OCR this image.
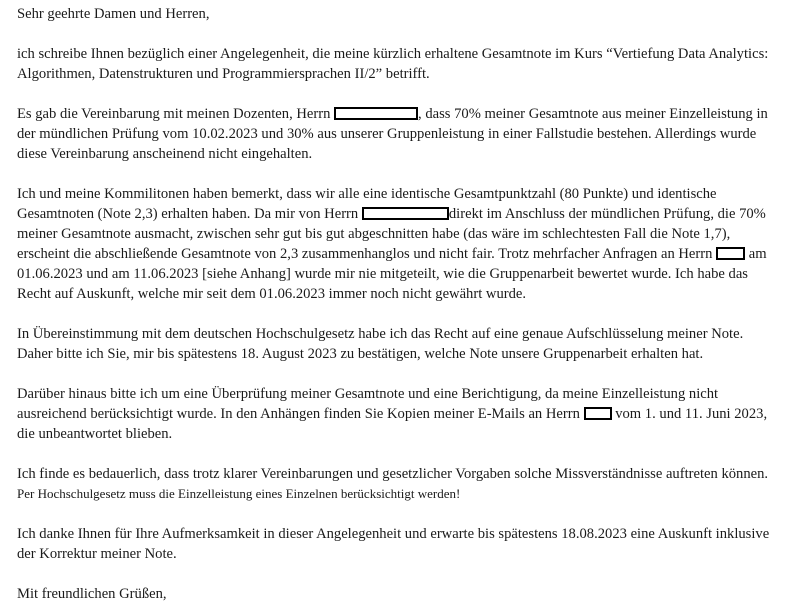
Sehr geehrte Damen und Herren,
ich schreibe Ihnen bezüglich einer Angelegenheit, die meine kürzlich erhaltene Gesamtnote im Kurs “Vertiefung Data Analytics:
Algorithmen, Datenstrukturen und Programmiersprachen II/2” betrifft.
Es gab die Vereinbarung mit meinen Dozenten, Herrn	, dass 70% meiner Gesamtnote aus meiner Einzelleistung in
der mündlichen Prüfung vom 10.02.2023 und 30% aus unserer Gruppenleistung in einer Fallstudie bestehen. Allerdings wurde
diese Vereinbarung anscheinend nicht eingehalten.
Ich und meine Kommilitonen haben bemerkt, dass wir alle eine identische Gesamtpunktzahl (80 Punkte) und identische
Gesamtnoten (Note 2,3) erhalten haben. Da mir von Herrn	direkt im Anschluss der mündlichen Prüfung, die 70%
meiner Gesamtnote ausmacht, zwischen sehr gut bis gut abgeschnitten habe (das wäre im schlechtesten Fall die Note 1,7),
erscheint die abschließende Gesamtnote von 2,3 zusammenhanglos und nicht fair. Trotz mehrfacher Anfragen an Herrn  am
01.06.2023 und am 11.06.2023 [siehe Anhang] wurde mir nie mitgeteilt, wie die Gruppenarbeit bewertet wurde. Ich habe das
Recht auf Auskunft, welche mir seit dem 01.06.2023 immer noch nicht gewährt wurde.
In Übereinstimmung mit dem deutschen Hochschulgesetz habe ich das Recht auf eine genaue Aufschlüsselung meiner Note.
Daher bitte ich Sie, mir bis spätestens 18. August 2023 zu bestätigen, welche Note unsere Gruppenarbeit erhalten hat.
Darüber hinaus bitte ich um eine Überprüfung meiner Gesamtnote und eine Berichtigung, da meine Einzelleistung nicht
ausreichend berücksichtigt wurde. In den Anhängen finden Sie Kopien meiner E-Mails an Herrn  vom 1. und 11. Juni 2023,
die unbeantwortet blieben.
Ich finde es bedauerlich, dass trotz klarer Vereinbarungen und gesetzlicher Vorgaben solche Missverständnisse auftreten können.
Per Hochschulgesetz muss die Einzelleistung eines Einzelnen berücksichtigt werden!
Ich danke Ihnen für Ihre Aufmerksamkeit in dieser Angelegenheit und erwarte bis spätestens 18.08.2023 eine Auskunft inklusive
der Korrektur meiner Note.
Mit freundlichen Grüßen,
